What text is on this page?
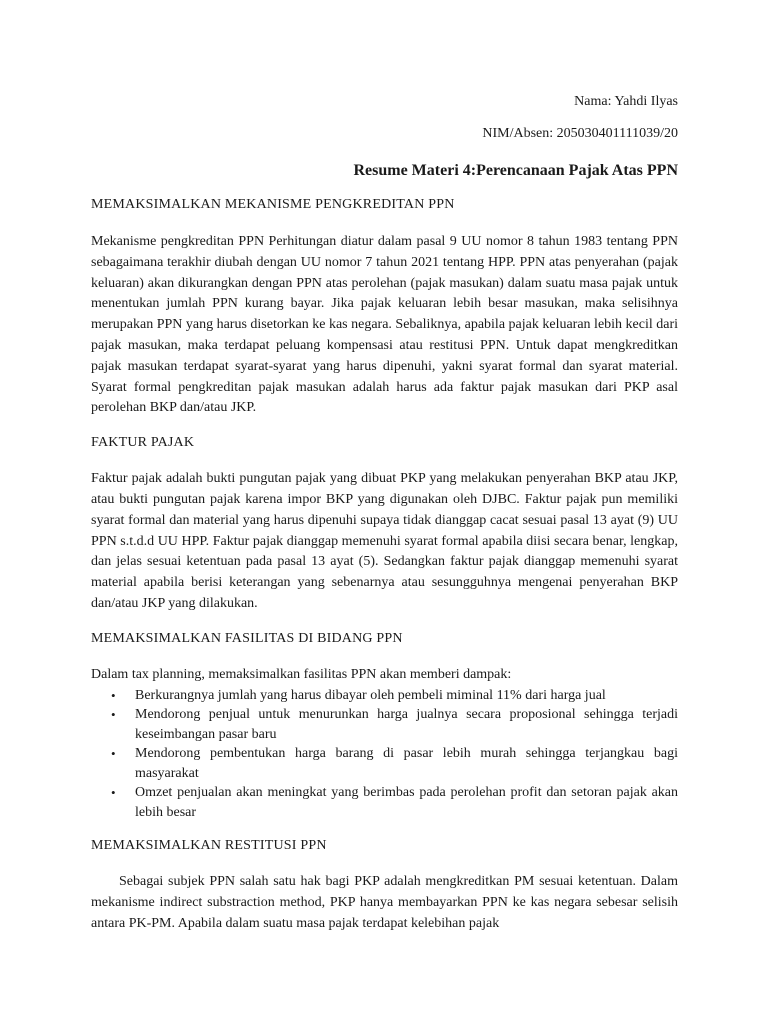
Nama: Yahdi Ilyas

NIM/Absen: 205030401111039/20

Resume Materi 4:Perencanaan Pajak Atas PPN

MEMAKSIMALKAN MEKANISME PENGKREDITAN PPN

Mekanisme pengkreditan PPN Perhitungan diatur dalam pasal 9 UU nomor 8 tahun 1983 tentang PPN sebagaimana terakhir diubah dengan UU nomor 7 tahun 2021 tentang HPP. PPN atas penyerahan (pajak keluaran) akan dikurangkan dengan PPN atas perolehan (pajak masukan) dalam suatu masa pajak untuk menentukan jumlah PPN kurang bayar. Jika pajak keluaran lebih besar masukan, maka selisihnya merupakan PPN yang harus disetorkan ke kas negara. Sebaliknya, apabila pajak keluaran lebih kecil dari pajak masukan, maka terdapat peluang kompensasi atau restitusi PPN. Untuk dapat mengkreditkan pajak masukan terdapat syarat-syarat yang harus dipenuhi, yakni syarat formal dan syarat material. Syarat formal pengkreditan pajak masukan adalah harus ada faktur pajak masukan dari PKP asal perolehan BKP dan/atau JKP.

FAKTUR PAJAK

Faktur pajak adalah bukti pungutan pajak yang dibuat PKP yang melakukan penyerahan BKP atau JKP, atau bukti pungutan pajak karena impor BKP yang digunakan oleh DJBC. Faktur pajak pun memiliki syarat formal dan material yang harus dipenuhi supaya tidak dianggap cacat sesuai pasal 13 ayat (9) UU PPN s.t.d.d UU HPP. Faktur pajak dianggap memenuhi syarat formal apabila diisi secara benar, lengkap, dan jelas sesuai ketentuan pada pasal 13 ayat (5). Sedangkan faktur pajak dianggap memenuhi syarat material apabila berisi keterangan yang sebenarnya atau sesungguhnya mengenai penyerahan BKP dan/atau JKP yang dilakukan.

MEMAKSIMALKAN FASILITAS DI BIDANG PPN

Dalam tax planning, memaksimalkan fasilitas PPN akan memberi dampak:

• Berkurangnya jumlah yang harus dibayar oleh pembeli miminal 11% dari harga jual
• Mendorong penjual untuk menurunkan harga jualnya secara proposional sehingga terjadi keseimbangan pasar baru
• Mendorong pembentukan harga barang di pasar lebih murah sehingga terjangkau bagi masyarakat
• Omzet penjualan akan meningkat yang berimbas pada perolehan profit dan setoran pajak akan lebih besar

MEMAKSIMALKAN RESTITUSI PPN

Sebagai subjek PPN salah satu hak bagi PKP adalah mengkreditkan PM sesuai ketentuan. Dalam mekanisme indirect substraction method, PKP hanya membayarkan PPN ke kas negara sebesar selisih antara PK-PM. Apabila dalam suatu masa pajak terdapat kelebihan pajak
